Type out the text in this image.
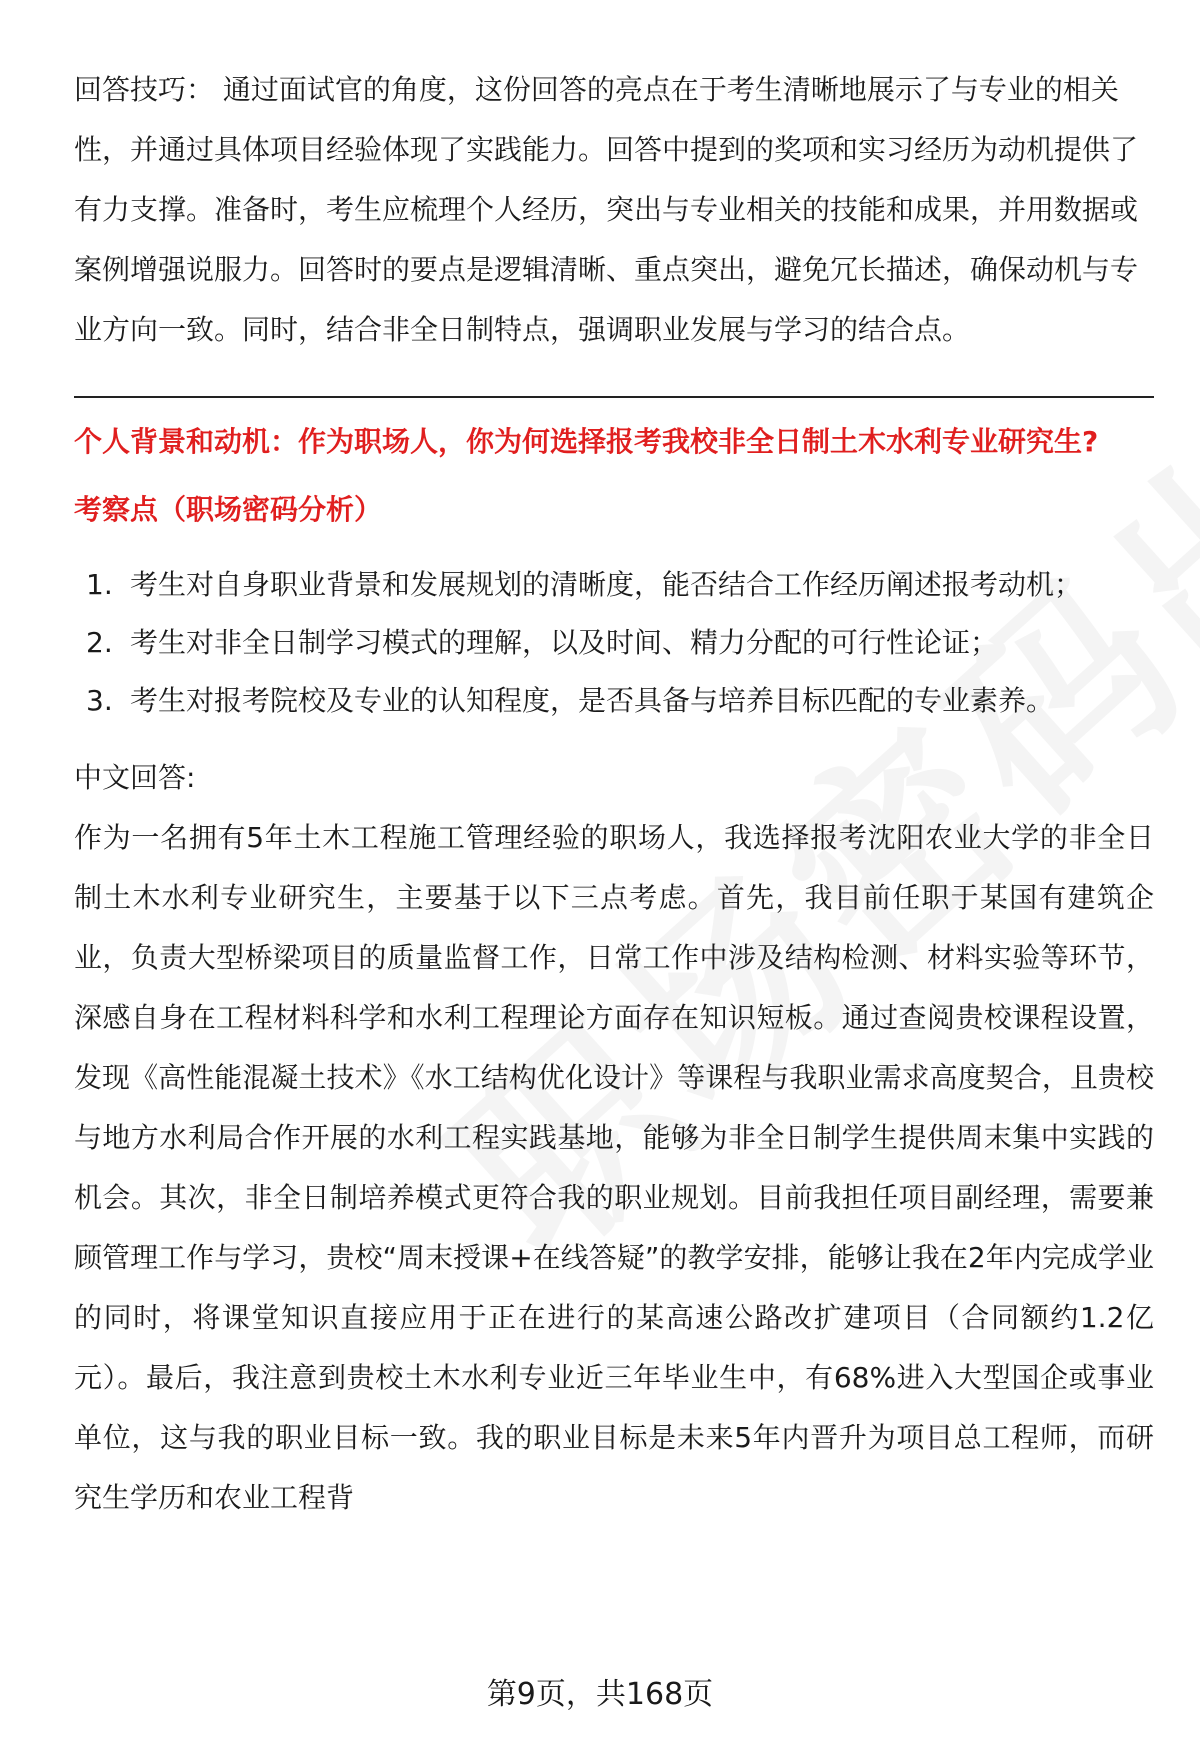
回答技巧： 通过面试官的角度，这份回答的亮点在于考生清晰地展示了与专业的相关性，并通过具体项目经验体现了实践能力。回答中提到的奖项和实习经历为动机提供了有力支撑。准备时，考生应梳理个人经历，突出与专业相关的技能和成果，并用数据或案例增强说服力。回答时的要点是逻辑清晰、重点突出，避免冗长描述，确保动机与专业方向一致。同时，结合非全日制特点，强调职业发展与学习的结合点。

个人背景和动机：作为职场人，你为何选择报考我校非全日制土木水利专业研究生?
考察点（职场密码分析）
1. 考生对自身职业背景和发展规划的清晰度，能否结合工作经历阐述报考动机；
2. 考生对非全日制学习模式的理解，以及时间、精力分配的可行性论证；
3. 考生对报考院校及专业的认知程度，是否具备与培养目标匹配的专业素养。
中文回答:

作为一名拥有5年土木工程施工管理经验的职场人，我选择报考沈阳农业大学的非全日制土木水利专业研究生，主要基于以下三点考虑。首先，我目前任职于某国有建筑企业，负责大型桥梁项目的质量监督工作，日常工作中涉及结构检测、材料实验等环节，深感自身在工程材料科学和水利工程理论方面存在知识短板。通过查阅贵校课程设置，发现《高性能混凝土技术》《水工结构优化设计》等课程与我职业需求高度契合，且贵校与地方水利局合作开展的水利工程实践基地，能够为非全日制学生提供周末集中实践的机会。其次，非全日制培养模式更符合我的职业规划。目前我担任项目副经理，需要兼顾管理工作与学习，贵校“周末授课+在线答疑”的教学安排，能够让我在2年内完成学业的同时，将课堂知识直接应用于正在进行的某高速公路改扩建项目（合同额约1.2亿元）。最后，我注意到贵校土木水利专业近三年毕业生中，有68%进入大型国企或事业单位，这与我的职业目标一致。我的职业目标是未来5年内晋升为项目总工程师，而研究生学历和农业工程背

第9页，共168页
